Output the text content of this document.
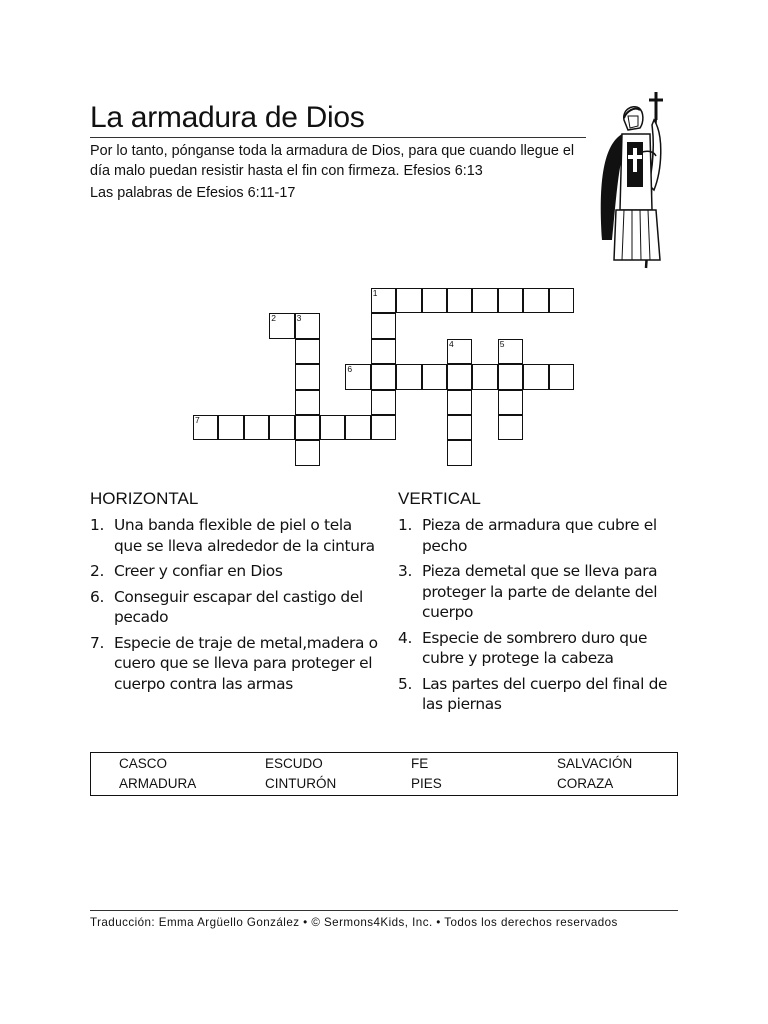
La armadura de Dios

Por lo tanto, pónganse toda la armadura de Dios, para que cuando llegue el día malo puedan resistir hasta el fin con firmeza. Efesios 6:13

Las palabras de Efesios 6:11-17

1
2 3
4	5
6
7
HORIZONTAL
1. Una banda flexible de piel o tela que se lleva alrededor de la cintura
2. Creer y confiar en Dios
6. Conseguir escapar del castigo del pecado
7. Especie de traje de metal,madera o cuero que se lleva para proteger el cuerpo contra las armas
VERTICAL
1. Pieza de armadura que cubre el pecho
3. Pieza demetal que se lleva para proteger la parte de delante del cuerpo
4. Especie de sombrero duro que cubre y protege la cabeza
5. Las partes del cuerpo del final de las piernas
CASCO	ESCUDO	FE	SALVACIÓN
ARMADURA	CINTURÓN	PIES	CORAZA
Traducción: Emma Argüello González • © Sermons4Kids, Inc. • Todos los derechos reservados
